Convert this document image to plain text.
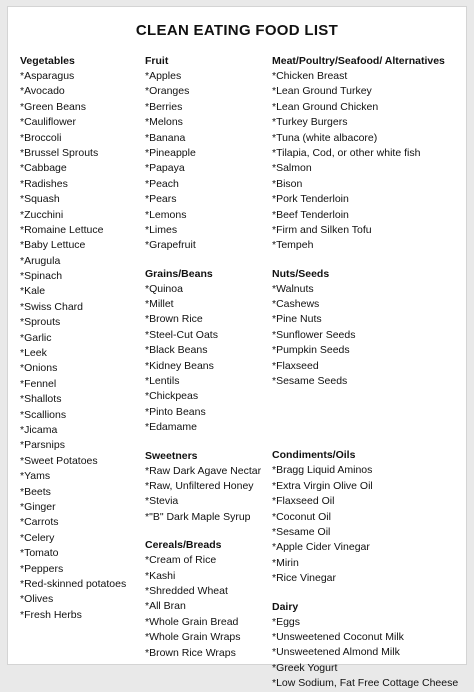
CLEAN EATING FOOD LIST
Vegetables
*Asparagus
*Avocado
*Green Beans
*Cauliflower
*Broccoli
*Brussel Sprouts
*Cabbage
*Radishes
*Squash
*Zucchini
*Romaine Lettuce
*Baby Lettuce
*Arugula
*Spinach
*Kale
*Swiss Chard
*Sprouts
*Garlic
*Leek
*Onions
*Fennel
*Shallots
*Scallions
*Jicama
*Parsnips
*Sweet Potatoes
*Yams
*Beets
*Ginger
*Carrots
*Celery
*Tomato
*Peppers
*Red-skinned potatoes
*Olives
*Fresh Herbs
Fruit
*Apples
*Oranges
*Berries
*Melons
*Banana
*Pineapple
*Papaya
*Peach
*Pears
*Lemons
*Limes
*Grapefruit
Grains/Beans
*Quinoa
*Millet
*Brown Rice
*Steel-Cut Oats
*Black Beans
*Kidney Beans
*Lentils
*Chickpeas
*Pinto Beans
*Edamame
Sweetners
*Raw Dark Agave Nectar
*Raw, Unfiltered Honey
*Stevia
*"B" Dark Maple Syrup
Cereals/Breads
*Cream of Rice
*Kashi
*Shredded Wheat
*All Bran
*Whole Grain Bread
*Whole Grain Wraps
*Brown Rice Wraps
Meat/Poultry/Seafood/ Alternatives
*Chicken Breast
*Lean Ground Turkey
*Lean Ground Chicken
*Turkey Burgers
*Tuna (white albacore)
*Tilapia, Cod, or other white fish
*Salmon
*Bison
*Pork Tenderloin
*Beef Tenderloin
*Firm and Silken Tofu
*Tempeh
Nuts/Seeds
*Walnuts
*Cashews
*Pine Nuts
*Sunflower Seeds
*Pumpkin Seeds
*Flaxseed
*Sesame Seeds
Condiments/Oils
*Bragg Liquid Aminos
*Extra Virgin Olive Oil
*Flaxseed Oil
*Coconut Oil
*Sesame Oil
*Apple Cider Vinegar
*Mirin
*Rice Vinegar
Dairy
*Eggs
*Unsweetened Coconut Milk
*Unsweetened Almond Milk
*Greek Yogurt
*Low Sodium, Fat Free Cottage Cheese
